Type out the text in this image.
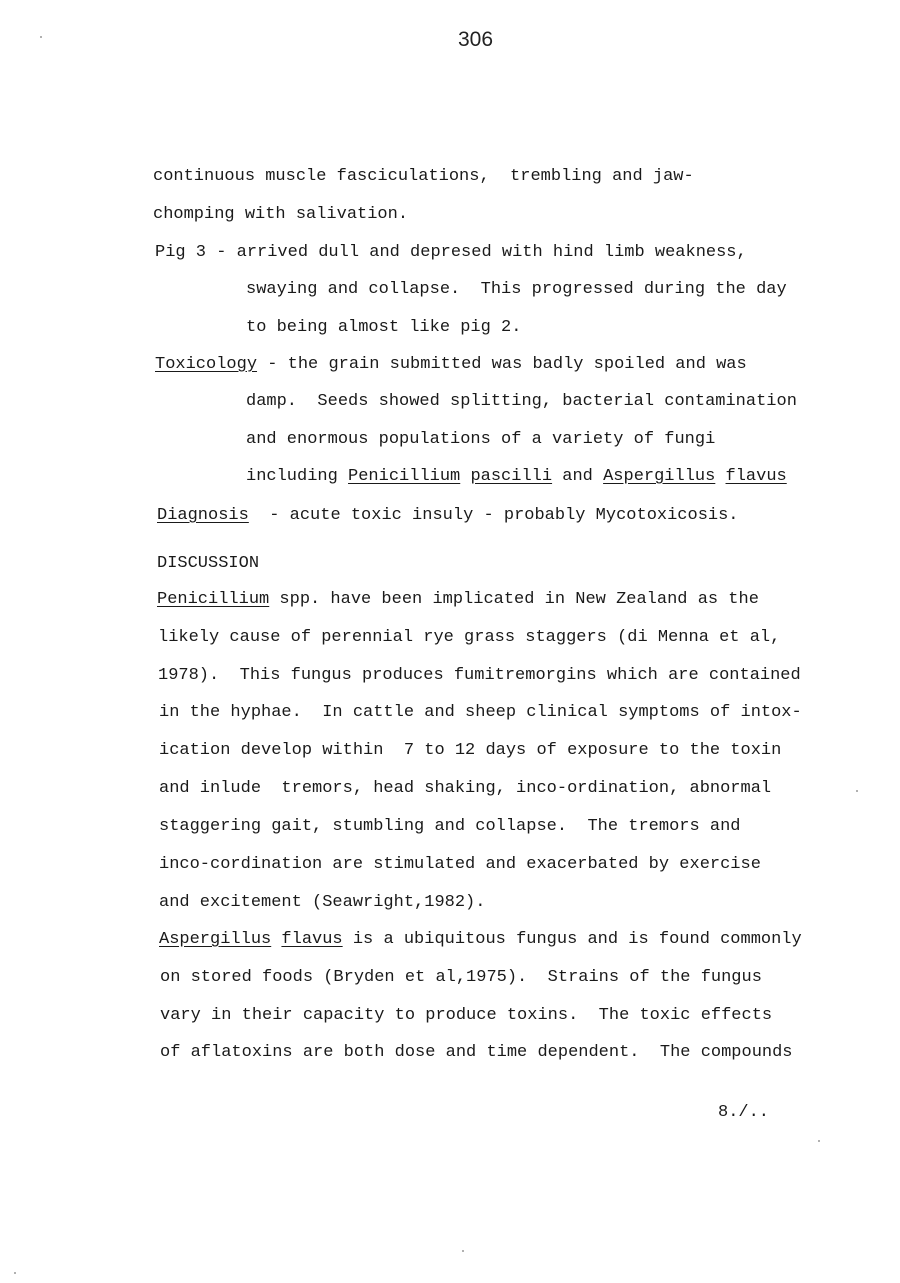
306
continuous muscle fasciculations,  trembling and jaw-
chomping with salivation.
Pig 3 - arrived dull and depresed with hind limb weakness,
swaying and collapse.  This progressed during the day
to being almost like pig 2.
Toxicology - the grain submitted was badly spoiled and was
damp.  Seeds showed splitting, bacterial contamination
and enormous populations of a variety of fungi
including Penicillium pascilli and Aspergillus flavus
Diagnosis  - acute toxic insuly - probably Mycotoxicosis.
DISCUSSION
Penicillium spp. have been implicated in New Zealand as the
likely cause of perennial rye grass staggers (di Menna et al,
1978).  This fungus produces fumitremorgins which are contained
in the hyphae.  In cattle and sheep clinical symptoms of intox-
ication develop within  7 to 12 days of exposure to the toxin
and inlude  tremors, head shaking, inco-ordination, abnormal
staggering gait, stumbling and collapse.  The tremors and
inco-cordination are stimulated and exacerbated by exercise
and excitement (Seawright,1982).
Aspergillus flavus is a ubiquitous fungus and is found commonly
on stored foods (Bryden et al,1975).  Strains of the fungus
vary in their capacity to produce toxins.  The toxic effects
of aflatoxins are both dose and time dependent.  The compounds
8./..
